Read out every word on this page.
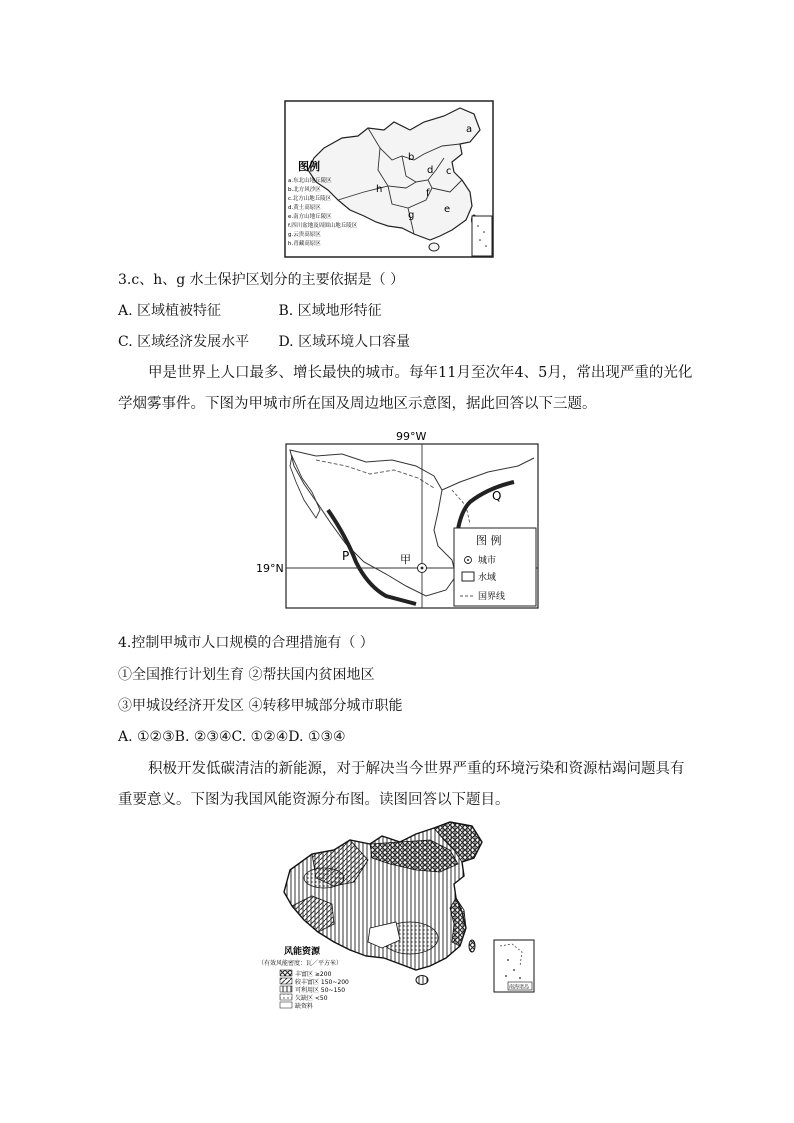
a
b
c
d
e
f
g
h
图例
a.东北山地丘陵区
b.北方风沙区
c.北方山地丘陵区
d.黄土高原区
e.南方山地丘陵区
f.四川盆地及周围山地丘陵区
g.云贵高原区
h.青藏高原区
3.c、h、g 水土保护区划分的主要依据是（ ）
A. 区域植被特征	B. 区域地形特征
C. 区域经济发展水平 D. 区域环境人口容量
甲是世界上人口最多、增长最快的城市。每年11月至次年4、5月，常出现严重的光化学烟雾事件。下图为甲城市所在国及周边地区示意图，据此回答以下三题。
99°W
19°N
P
Q
甲
图 例
城市
水域
国界线
4.控制甲城市人口规模的合理措施有（ ）
①全国推行计划生育 ②帮扶国内贫困地区
③甲城设经济开发区 ④转移甲城部分城市职能
A. ①②③B. ②③④C. ①②④D. ①③④
积极开发低碳清洁的新能源，对于解决当今世界严重的环境污染和资源枯竭问题具有重要意义。下图为我国风能资源分布图。读图回答以下题目。
南海诸岛
风能资源
（有效风能密度：瓦／平方米）
丰富区 ≥200
较丰富区 150~200
可利用区 50~150
欠缺区 <50
缺资料
